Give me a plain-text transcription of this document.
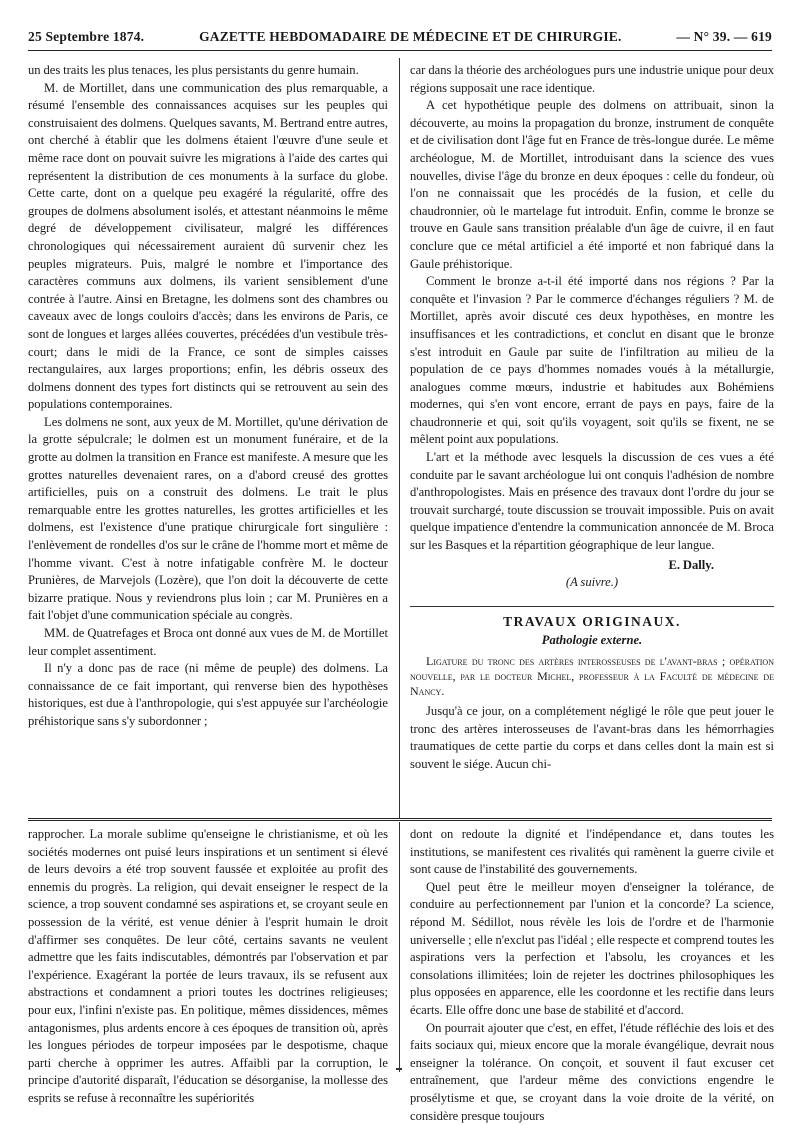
25 Septembre 1874.	GAZETTE HEBDOMADAIRE DE MÉDECINE ET DE CHIRURGIE.	— N° 39. — 619

un des traits les plus tenaces, les plus persistants du genre humain.

M. de Mortillet, dans une communication des plus remarquable, a résumé l'ensemble des connaissances acquises sur les peuples qui construisaient des dolmens. Quelques savants, M. Bertrand entre autres, ont cherché à établir que les dolmens étaient l'œuvre d'une seule et même race dont on pouvait suivre les migrations à l'aide des cartes qui représentent la distribution de ces monuments à la surface du globe. Cette carte, dont on a quelque peu exagéré la régularité, offre des groupes de dolmens absolument isolés, et attestant néanmoins le même degré de développement civilisateur, malgré les différences chronologiques qui nécessairement auraient dû survenir chez les peuples migrateurs. Puis, malgré le nombre et l'importance des caractères communs aux dolmens, ils varient sensiblement d'une contrée à l'autre. Ainsi en Bretagne, les dolmens sont des chambres ou caveaux avec de longs couloirs d'accès; dans les environs de Paris, ce sont de longues et larges allées couvertes, précédées d'un vestibule très-court; dans le midi de la France, ce sont de simples caisses rectangulaires, aux larges proportions; enfin, les débris osseux des dolmens donnent des types fort distincts qui se retrouvent au sein des populations contemporaines.

Les dolmens ne sont, aux yeux de M. Mortillet, qu'une dérivation de la grotte sépulcrale; le dolmen est un monument funéraire, et de la grotte au dolmen la transition en France est manifeste. A mesure que les grottes naturelles devenaient rares, on a d'abord creusé des grottes artificielles, puis on a construit des dolmens. Le trait le plus remarquable entre les grottes naturelles, les grottes artificielles et les dolmens, est l'existence d'une pratique chirurgicale fort singulière : l'enlèvement de rondelles d'os sur le crâne de l'homme mort et même de l'homme vivant. C'est à notre infatigable confrère M. le docteur Prunières, de Marvejols (Lozère), que l'on doit la découverte de cette bizarre pratique. Nous y reviendrons plus loin ; car M. Prunières en a fait l'objet d'une communication spéciale au congrès.

MM. de Quatrefages et Broca ont donné aux vues de M. de Mortillet leur complet assentiment.

Il n'y a donc pas de race (ni même de peuple) des dolmens. La connaissance de ce fait important, qui renverse bien des hypothèses historiques, est due à l'anthropologie, qui s'est appuyée sur l'archéologie préhistorique sans s'y subordonner ;

car dans la théorie des archéologues purs une industrie unique pour deux régions supposait une race identique.

A cet hypothétique peuple des dolmens on attribuait, sinon la découverte, au moins la propagation du bronze, instrument de conquête et de civilisation dont l'âge fut en France de très-longue durée. Le même archéologue, M. de Mortillet, introduisant dans la science des vues nouvelles, divise l'âge du bronze en deux époques : celle du fondeur, où l'on ne connaissait que les procédés de la fusion, et celle du chaudronnier, où le martelage fut introduit. Enfin, comme le bronze se trouve en Gaule sans transition préalable d'un âge de cuivre, il en faut conclure que ce métal artificiel a été importé et non fabriqué dans la Gaule préhistorique.

Comment le bronze a-t-il été importé dans nos régions ? Par la conquête et l'invasion ? Par le commerce d'échanges réguliers ? M. de Mortillet, après avoir discuté ces deux hypothèses, en montre les insuffisances et les contradictions, et conclut en disant que le bronze s'est introduit en Gaule par suite de l'infiltration au milieu de la population de ce pays d'hommes nomades voués à la métallurgie, analogues comme mœurs, industrie et habitudes aux Bohémiens modernes, qui s'en vont encore, errant de pays en pays, faire de la chaudronnerie et qui, soit qu'ils voyagent, soit qu'ils se fixent, ne se mêlent point aux populations.

L'art et la méthode avec lesquels la discussion de ces vues a été conduite par le savant archéologue lui ont conquis l'adhésion de nombre d'anthropologistes. Mais en présence des travaux dont l'ordre du jour se trouvait surchargé, toute discussion se trouvait impossible. Puis on avait quelque impatience d'entendre la communication annoncée de M. Broca sur les Basques et la répartition géographique de leur langue.

E. Dally.
(A suivre.)
TRAVAUX ORIGINAUX.
Pathologie externe.
Ligature du tronc des artères interosseuses de l'avant-bras ; opération nouvelle, par le docteur Michel, professeur à la Faculté de médecine de Nancy.

Jusqu'à ce jour, on a complétement négligé le rôle que peut jouer le tronc des artères interosseuses de l'avant-bras dans les hémorrhagies traumatiques de cette partie du corps et dans celles dont la main est si souvent le siége. Aucun chi-

rapprocher. La morale sublime qu'enseigne le christianisme, et où les sociétés modernes ont puisé leurs inspirations et un sentiment si élevé de leurs devoirs a été trop souvent faussée et exploitée au profit des ennemis du progrès. La religion, qui devait enseigner le respect de la science, a trop souvent condamné ses aspirations et, se croyant seule en possession de la vérité, est venue dénier à l'esprit humain le droit d'affirmer ses conquêtes. De leur côté, certains savants ne veulent admettre que les faits indiscutables, démontrés par l'observation et par l'expérience. Exagérant la portée de leurs travaux, ils se refusent aux abstractions et condamnent a priori toutes les doctrines religieuses; pour eux, l'infini n'existe pas. En politique, mêmes dissidences, mêmes antagonismes, plus ardents encore à ces époques de transition où, après les longues périodes de torpeur imposées par le despotisme, chaque parti cherche à opprimer les autres. Affaibli par la corruption, le principe d'autorité disparaît, l'éducation se désorganise, la mollesse des esprits se refuse à reconnaître les supériorités

dont on redoute la dignité et l'indépendance et, dans toutes les institutions, se manifestent ces rivalités qui ramènent la guerre civile et sont cause de l'instabilité des gouvernements.

Quel peut être le meilleur moyen d'enseigner la tolérance, de conduire au perfectionnement par l'union et la concorde? La science, répond M. Sédillot, nous révèle les lois de l'ordre et de l'harmonie universelle ; elle n'exclut pas l'idéal ; elle respecte et comprend toutes les aspirations vers la perfection et l'absolu, les croyances et les consolations illimitées; loin de rejeter les doctrines philosophiques les plus opposées en apparence, elle les coordonne et les rectifie dans leurs écarts. Elle offre donc une base de stabilité et d'accord.

On pourrait ajouter que c'est, en effet, l'étude réfléchie des lois et des faits sociaux qui, mieux encore que la morale évangélique, devrait nous enseigner la tolérance. On conçoit, et souvent il faut excuser cet entraînement, que l'ardeur même des convictions engendre le prosélytisme et que, se croyant dans la voie droite de la vérité, on considère presque toujours
